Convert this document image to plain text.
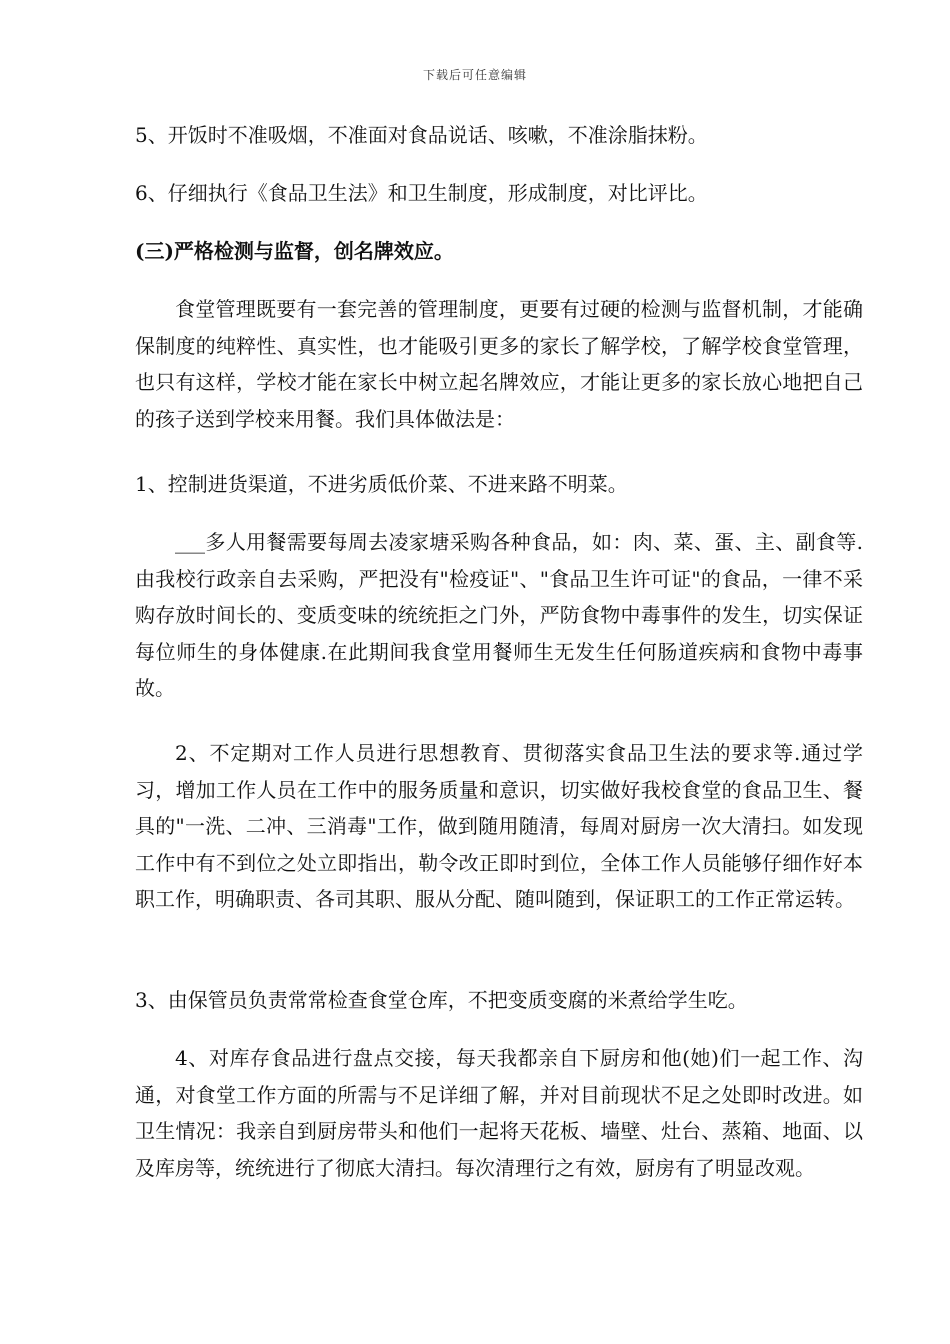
下载后可任意编辑

5、开饭时不准吸烟，不准面对食品说话、咳嗽，不准涂脂抹粉。

6、仔细执行《食品卫生法》和卫生制度，形成制度，对比评比。

(三)严格检测与监督，创名牌效应。

食堂管理既要有一套完善的管理制度，更要有过硬的检测与监督机制，才能确保制度的纯粹性、真实性，也才能吸引更多的家长了解学校，了解学校食堂管理，也只有这样，学校才能在家长中树立起名牌效应，才能让更多的家长放心地把自己的孩子送到学校来用餐。我们具体做法是：

1、控制进货渠道，不进劣质低价菜、不进来路不明菜。

___多人用餐需要每周去凌家塘采购各种食品，如：肉、菜、蛋、主、副食等.由我校行政亲自去采购，严把没有"检疫证"、"食品卫生许可证"的食品，一律不采购存放时间长的、变质变味的统统拒之门外，严防食物中毒事件的发生，切实保证每位师生的身体健康.在此期间我食堂用餐师生无发生任何肠道疾病和食物中毒事故。

2、不定期对工作人员进行思想教育、贯彻落实食品卫生法的要求等.通过学习，增加工作人员在工作中的服务质量和意识，切实做好我校食堂的食品卫生、餐具的"一洗、二冲、三消毒"工作，做到随用随清，每周对厨房一次大清扫。如发现工作中有不到位之处立即指出，勒令改正即时到位，全体工作人员能够仔细作好本职工作，明确职责、各司其职、服从分配、随叫随到，保证职工的工作正常运转。

3、由保管员负责常常检查食堂仓库，不把变质变腐的米煮给学生吃。

4、对库存食品进行盘点交接，每天我都亲自下厨房和他(她)们一起工作、沟通，对食堂工作方面的所需与不足详细了解，并对目前现状不足之处即时改进。如卫生情况：我亲自到厨房带头和他们一起将天花板、墙壁、灶台、蒸箱、地面、以及库房等，统统进行了彻底大清扫。每次清理行之有效，厨房有了明显改观。
